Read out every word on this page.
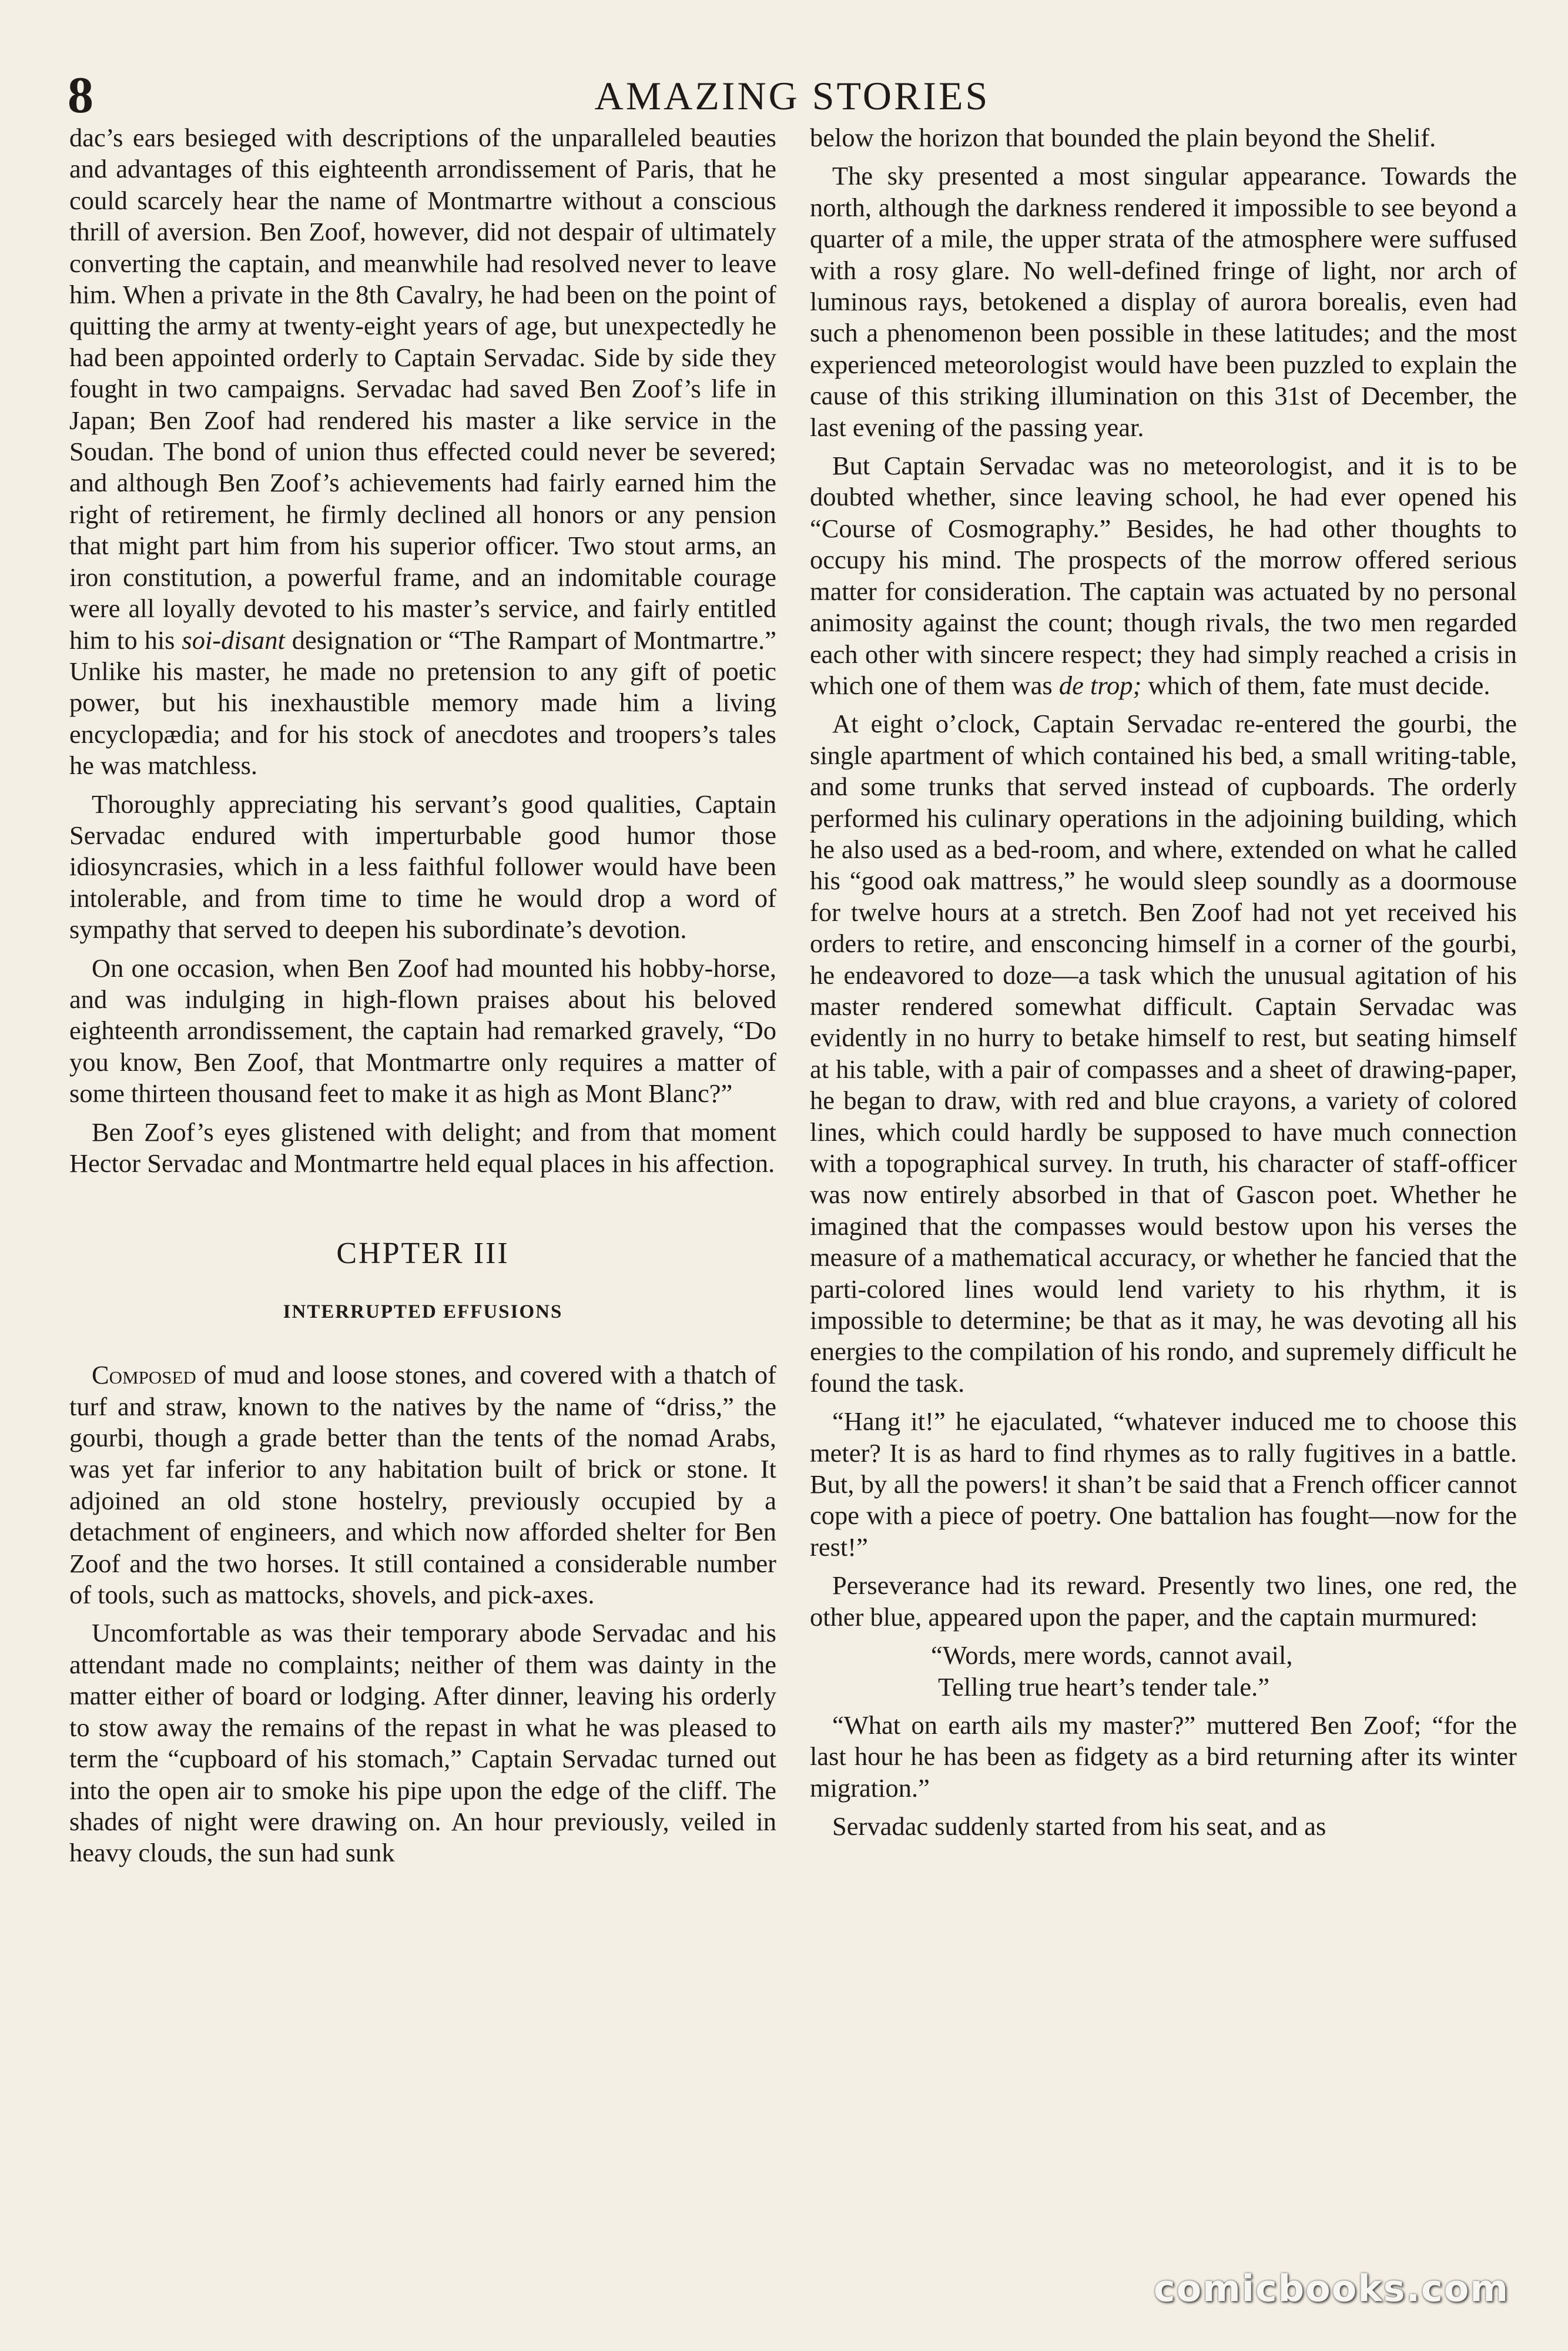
8	AMAZING STORIES

dac’s ears besieged with descriptions of the unparalleled beauties and advantages of this eighteenth arrondissement of Paris, that he could scarcely hear the name of Montmartre without a conscious thrill of aversion. Ben Zoof, however, did not despair of ultimately converting the captain, and meanwhile had resolved never to leave him. When a private in the 8th Cavalry, he had been on the point of quitting the army at twenty-eight years of age, but unexpectedly he had been appointed orderly to Captain Servadac. Side by side they fought in two campaigns. Servadac had saved Ben Zoof’s life in Japan; Ben Zoof had rendered his master a like service in the Soudan. The bond of union thus effected could never be severed; and although Ben Zoof’s achievements had fairly earned him the right of retirement, he firmly declined all honors or any pension that might part him from his superior officer. Two stout arms, an iron constitution, a powerful frame, and an indomitable courage were all loyally devoted to his master’s service, and fairly entitled him to his soi-disant designation or “The Rampart of Montmartre.” Unlike his master, he made no pretension to any gift of poetic power, but his inexhaustible memory made him a living encyclopædia; and for his stock of anecdotes and troopers’s tales he was matchless.

Thoroughly appreciating his servant’s good qualities, Captain Servadac endured with imperturbable good humor those idiosyncrasies, which in a less faithful follower would have been intolerable, and from time to time he would drop a word of sympathy that served to deepen his subordinate’s devotion.

On one occasion, when Ben Zoof had mounted his hobby-horse, and was indulging in high-flown praises about his beloved eighteenth arrondissement, the captain had remarked gravely, “Do you know, Ben Zoof, that Montmartre only requires a matter of some thirteen thousand feet to make it as high as Mont Blanc?”

Ben Zoof’s eyes glistened with delight; and from that moment Hector Servadac and Montmartre held equal places in his affection.

CHPTER III
INTERRUPTED EFFUSIONS

Composed of mud and loose stones, and covered with a thatch of turf and straw, known to the natives by the name of “driss,” the gourbi, though a grade better than the tents of the nomad Arabs, was yet far inferior to any habitation built of brick or stone. It adjoined an old stone hostelry, previously occupied by a detachment of engineers, and which now afforded shelter for Ben Zoof and the two horses. It still contained a considerable number of tools, such as mattocks, shovels, and pick-axes.

Uncomfortable as was their temporary abode Servadac and his attendant made no complaints; neither of them was dainty in the matter either of board or lodging. After dinner, leaving his orderly to stow away the remains of the repast in what he was pleased to term the “cupboard of his stomach,” Captain Servadac turned out into the open air to smoke his pipe upon the edge of the cliff. The shades of night were drawing on. An hour previously, veiled in heavy clouds, the sun had sunk

below the horizon that bounded the plain beyond the Shelif.

The sky presented a most singular appearance. Towards the north, although the darkness rendered it impossible to see beyond a quarter of a mile, the upper strata of the atmosphere were suffused with a rosy glare. No well-defined fringe of light, nor arch of luminous rays, betokened a display of aurora borealis, even had such a phenomenon been possible in these latitudes; and the most experienced meteorologist would have been puzzled to explain the cause of this striking illumination on this 31st of December, the last evening of the passing year.

But Captain Servadac was no meteorologist, and it is to be doubted whether, since leaving school, he had ever opened his “Course of Cosmography.” Besides, he had other thoughts to occupy his mind. The prospects of the morrow offered serious matter for consideration. The captain was actuated by no personal animosity against the count; though rivals, the two men regarded each other with sincere respect; they had simply reached a crisis in which one of them was de trop; which of them, fate must decide.

At eight o’clock, Captain Servadac re-entered the gourbi, the single apartment of which contained his bed, a small writing-table, and some trunks that served instead of cupboards. The orderly performed his culinary operations in the adjoining building, which he also used as a bed-room, and where, extended on what he called his “good oak mattress,” he would sleep soundly as a doormouse for twelve hours at a stretch. Ben Zoof had not yet received his orders to retire, and ensconcing himself in a corner of the gourbi, he endeavored to doze—a task which the unusual agitation of his master rendered somewhat difficult. Captain Servadac was evidently in no hurry to betake himself to rest, but seating himself at his table, with a pair of compasses and a sheet of drawing-paper, he began to draw, with red and blue crayons, a variety of colored lines, which could hardly be supposed to have much connection with a topographical survey. In truth, his character of staff-officer was now entirely absorbed in that of Gascon poet. Whether he imagined that the compasses would bestow upon his verses the measure of a mathematical accuracy, or whether he fancied that the parti-colored lines would lend variety to his rhythm, it is impossible to determine; be that as it may, he was devoting all his energies to the compilation of his rondo, and supremely difficult he found the task.

“Hang it!” he ejaculated, “whatever induced me to choose this meter? It is as hard to find rhymes as to rally fugitives in a battle. But, by all the powers! it shan’t be said that a French officer cannot cope with a piece of poetry. One battalion has fought—now for the rest!”

Perseverance had its reward. Presently two lines, one red, the other blue, appeared upon the paper, and the captain murmured:

“Words, mere words, cannot avail,
Telling true heart’s tender tale.”

“What on earth ails my master?” muttered Ben Zoof; “for the last hour he has been as fidgety as a bird returning after its winter migration.”

Servadac suddenly started from his seat, and as

comicbooks.com
